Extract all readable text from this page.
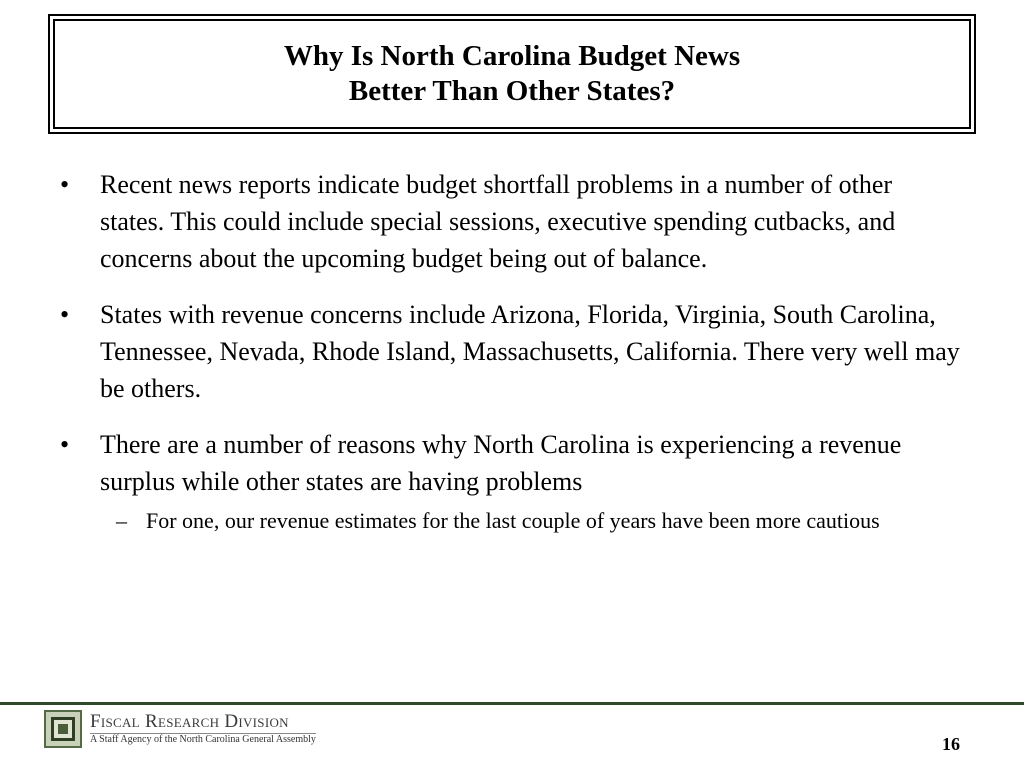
Why Is North Carolina Budget News
Better Than Other States?
•	Recent news reports indicate budget shortfall problems in a number of other states. This could include special sessions, executive spending cutbacks, and concerns about the upcoming budget being out of balance.
•	States with revenue concerns include Arizona, Florida, Virginia, South Carolina, Tennessee, Nevada, Rhode Island, Massachusetts, California. There very well may be others.
•	There are a number of reasons why North Carolina is experiencing a revenue surplus while other states are having problems
– For one, our revenue estimates for the last couple of years have been more cautious
Fiscal Research Division
A Staff Agency of the North Carolina General Assembly	16
